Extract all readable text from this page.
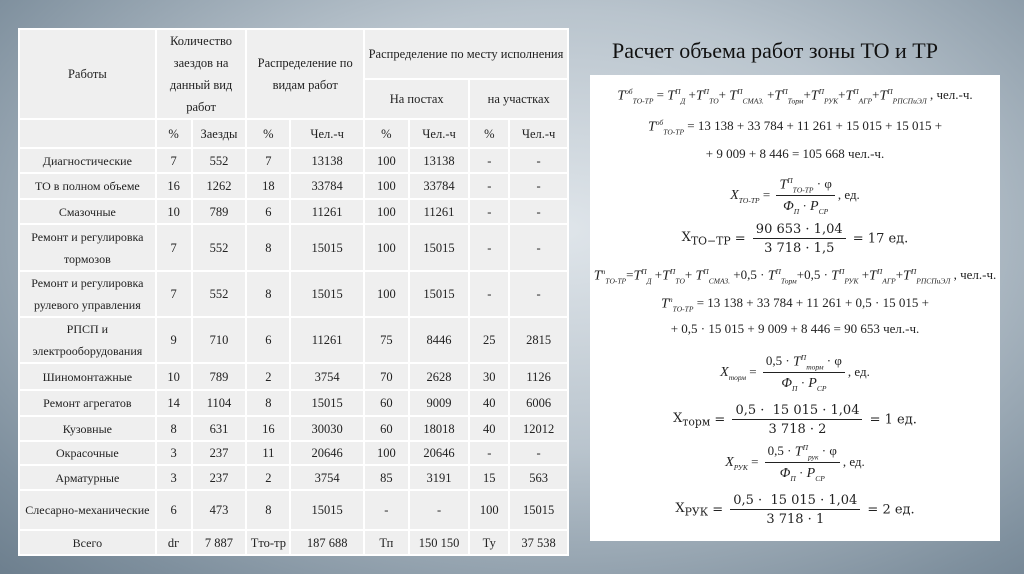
Расчет объема работ зоны ТО и ТР
Работы	Количество заездов на данный вид работ		Распределение по видам работ		Распределение по месту исполнения			
					На постах		на участках	
	%	Заезды	%	Чел.-ч	%	Чел.-ч	%	Чел.-ч
Диагностические	7	552	7	13138	100	13138	-	-
ТО в полном объеме	16	1262	18	33784	100	33784	-	-
Смазочные	10	789	6	11261	100	11261	-	-
Ремонт и регулировка тормозов	7	552	8	15015	100	15015	-	-
Ремонт и регулировка рулевого управления	7	552	8	15015	100	15015	-	-
РПСП и электрооборудования	9	710	6	11261	75	8446	25	2815
Шиномонтажные	10	789	2	3754	70	2628	30	1126
Ремонт агрегатов	14	1104	8	15015	60	9009	40	6006
Кузовные	8	631	16	30030	60	18018	40	12012
Окрасочные	3	237	11	20646	100	20646	-	-
Арматурные	3	237	2	3754	85	3191	15	563
Слесарно-механические	6	473	8	15015	-	-	100	15015
Всего	dг	7 887	Тто-тр	187 688	Тп	150 150	Ту	37 538
$T^{об}_{ТО-ТР} = T^П_Д +T^П_{ТО}+ T^П_{СМАЗ.} +T^П_{Торм}+T^П_{РУК}+T^П_{АГР}+T^П_{РПСПиЭЛ}$ , чел.-ч.
$T^{об}_{ТО-ТР} = 13$ 138 + 33 784 + 11 261 + 15 015 + 15 015 +
+ 9 009 + 8 446 = 105 668 чел.-ч.
$X_{ТО-ТР} = \frac{T^П_{ТО-ТР} \cdot \varphi}{\Phi_П \cdot P_{СР}}$ , ед.
$X_{ТО-ТР} = \frac{90 653 \cdot 1,04}{3 718 \cdot 1,5} = 17$ ед.
$T^п_{ТО-ТР}=T^П_Д +T^П_{ТО}+ T^П_{СМАЗ.} +0,5 \cdot T^П_{Торм}+0,5 \cdot T^П_{РУК} +T^П_{АГР}+T^П_{РПСПиЭЛ}$ , чел.-ч.
$T^п_{ТО-ТР} = 13$ 138 + 33 784 + 11 261 + 0,5 · 15 015 +
+ 0,5 · 15 015 + 9 009 + 8 446 = 90 653 чел.-ч.
$X_{торм} = \frac{0,5 \cdot T^П_{торм} \cdot \varphi}{\Phi_П \cdot P_{СР}}$ , ед.
$X_{торм} = \frac{0,5 \cdot 15 015 \cdot 1,04}{3 718 \cdot 2} = 1$ ед.
$X_{РУК} = \frac{0,5 \cdot T^П_{рук} \cdot \varphi}{\Phi_П \cdot P_{СР}}$ , ед.
$X_{РУК} = \frac{0,5 \cdot 15 015 \cdot 1,04}{3 718 \cdot 1} = 2$ ед.
